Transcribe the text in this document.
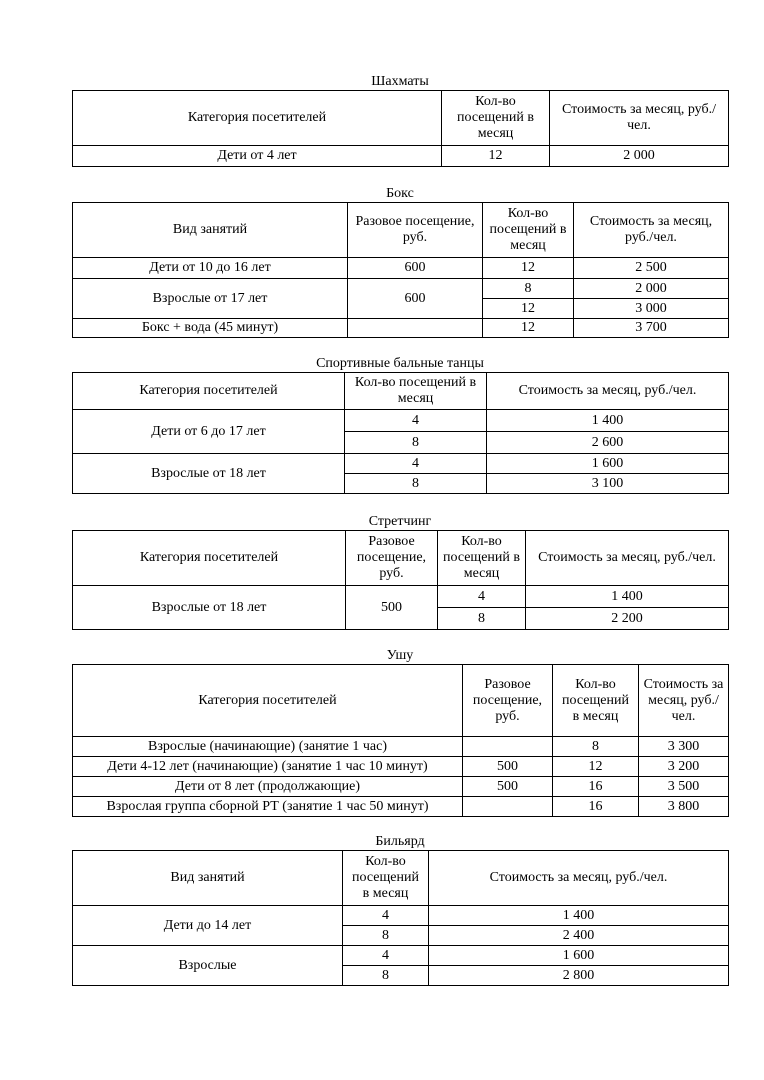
Шахматы
Категория посетителей	Кол-во посещений в месяц	Стоимость за месяц, руб./чел.
Дети от 4 лет	12	2 000
Бокс
Вид занятий	Разовое посещение, руб.	Кол-во посещений в месяц	Стоимость за месяц, руб./чел.
Дети от 10 до 16 лет	600	12	2 500
Взрослые от 17 лет	600	8	2 000
		12	3 000
Бокс + вода (45 минут)		12	3 700
Спортивные бальные танцы
Категория посетителей	Кол-во посещений в месяц	Стоимость за месяц, руб./чел.
Дети от 6 до 17 лет	4	1 400
	8	2 600
Взрослые от 18 лет	4	1 600
	8	3 100
Стретчинг
Категория посетителей	Разовое посещение, руб.	Кол-во посещений в месяц	Стоимость за месяц, руб./чел.
Взрослые от 18 лет	500	4	1 400
		8	2 200
Ушу
Категория посетителей	Разовое посещение, руб.	Кол-во посещений в месяц	Стоимость за месяц, руб./чел.
Взрослые (начинающие) (занятие 1 час)		8	3 300
Дети 4-12 лет (начинающие) (занятие 1 час 10 минут)	500	12	3 200
Дети от 8 лет (продолжающие)	500	16	3 500
Взрослая группа сборной РТ (занятие 1 час 50 минут)		16	3 800
Бильярд
Вид занятий	Кол-во посещений в месяц	Стоимость за месяц, руб./чел.
Дети до 14 лет	4	1 400
	8	2 400
Взрослые	4	1 600
	8	2 800
